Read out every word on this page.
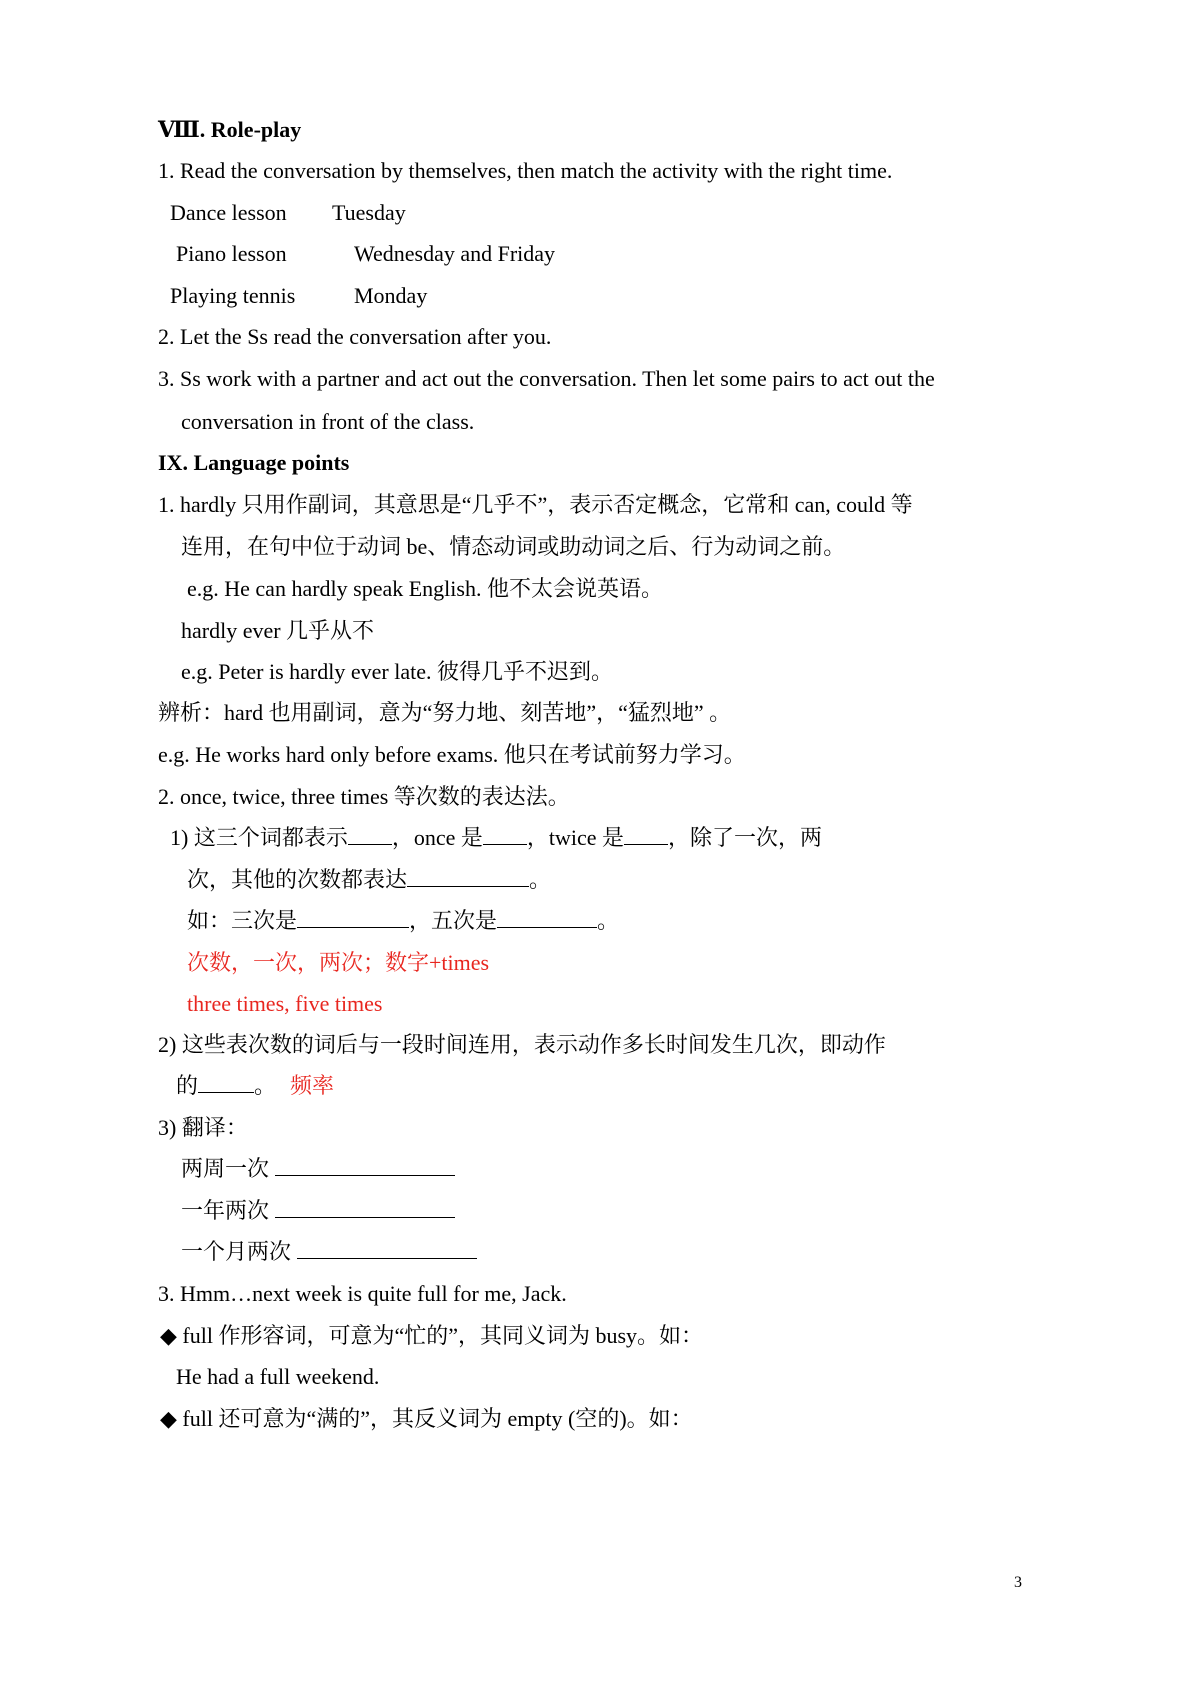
Ⅷ. Role-play
1. Read the conversation by themselves, then match the activity with the right time.
Dance lesson Tuesday
Piano lesson	Wednesday and Friday
Playing tennis	Monday
2. Let the Ss read the conversation after you.
3. Ss work with a partner and act out the conversation. Then let some pairs to act out the
conversation in front of the class.
IX. Language points
1. hardly 只用作副词，其意思是“几乎不”，表示否定概念，它常和 can, could 等
连用，在句中位于动词 be、情态动词或助动词之后、行为动词之前。
e.g. He can hardly speak English. 他不太会说英语。
hardly ever 几乎从不
e.g. Peter is hardly ever late. 彼得几乎不迟到。
辨析：hard 也用副词，意为“努力地、刻苦地”，“猛烈地” 。
e.g. He works hard only before exams. 他只在考试前努力学习。
2. once, twice, three times 等次数的表达法。
1) 这三个词都表示 ，once 是 ，twice 是 ，除了一次，两
次，其他的次数都表达	。
如：三次是	，五次是	。
次数，一次，两次；数字+times
three times, five times
2) 这些表次数的词后与一段时间连用，表示动作多长时间发生几次，即动作
的	。 频率
3) 翻译：
两周一次
一年两次
一个月两次
3. Hmm…next week is quite full for me, Jack.
◆ full 作形容词，可意为“忙的”，其同义词为 busy。如：
He had a full weekend.
◆ full 还可意为“满的”，其反义词为 empty (空的)。如：
3
